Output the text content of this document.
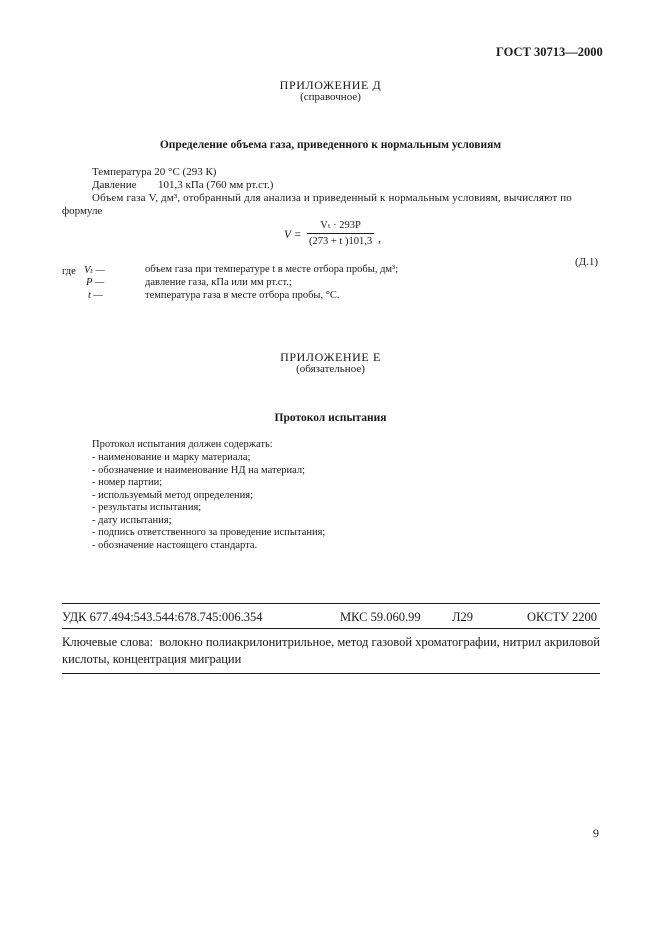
ГОСТ 30713—2000
ПРИЛОЖЕНИЕ Д
(справочное)
Определение объема газа, приведенного к нормальным условиям
Температура 20 °С (293 К)
Давление 101,3 кПа (760 мм рт.ст.)
Объем газа V, дм³, отобранный для анализа и приведенный к нормальным условиям, вычисляют по
формуле
V =
Vₜ · 293P
(273 + t )101,3 ,
(Д.1)
где Vₜ —	объем газа при температуре t в месте отбора пробы, дм³;
P —	давление газа, кПа или мм рт.ст.;
t —	температура газа в месте отбора пробы, °С.
ПРИЛОЖЕНИЕ Е
(обязательное)
Протокол испытания
Протокол испытания должен содержать:
- наименование и марку материала;
- обозначение и наименование НД на материал;
- номер партии;
- используемый метод определения;
- результаты испытания;
- дату испытания;
- подпись ответственного за проведение испытания;
- обозначение настоящего стандарта.
УДК 677.494:543.544:678.745:006.354	МКС 59.060.99	Л29	ОКСТУ 2200
Ключевые слова: волокно полиакрилонитрильное, метод газовой хроматографии, нитрил акриловой кислоты, концентрация миграции
9
